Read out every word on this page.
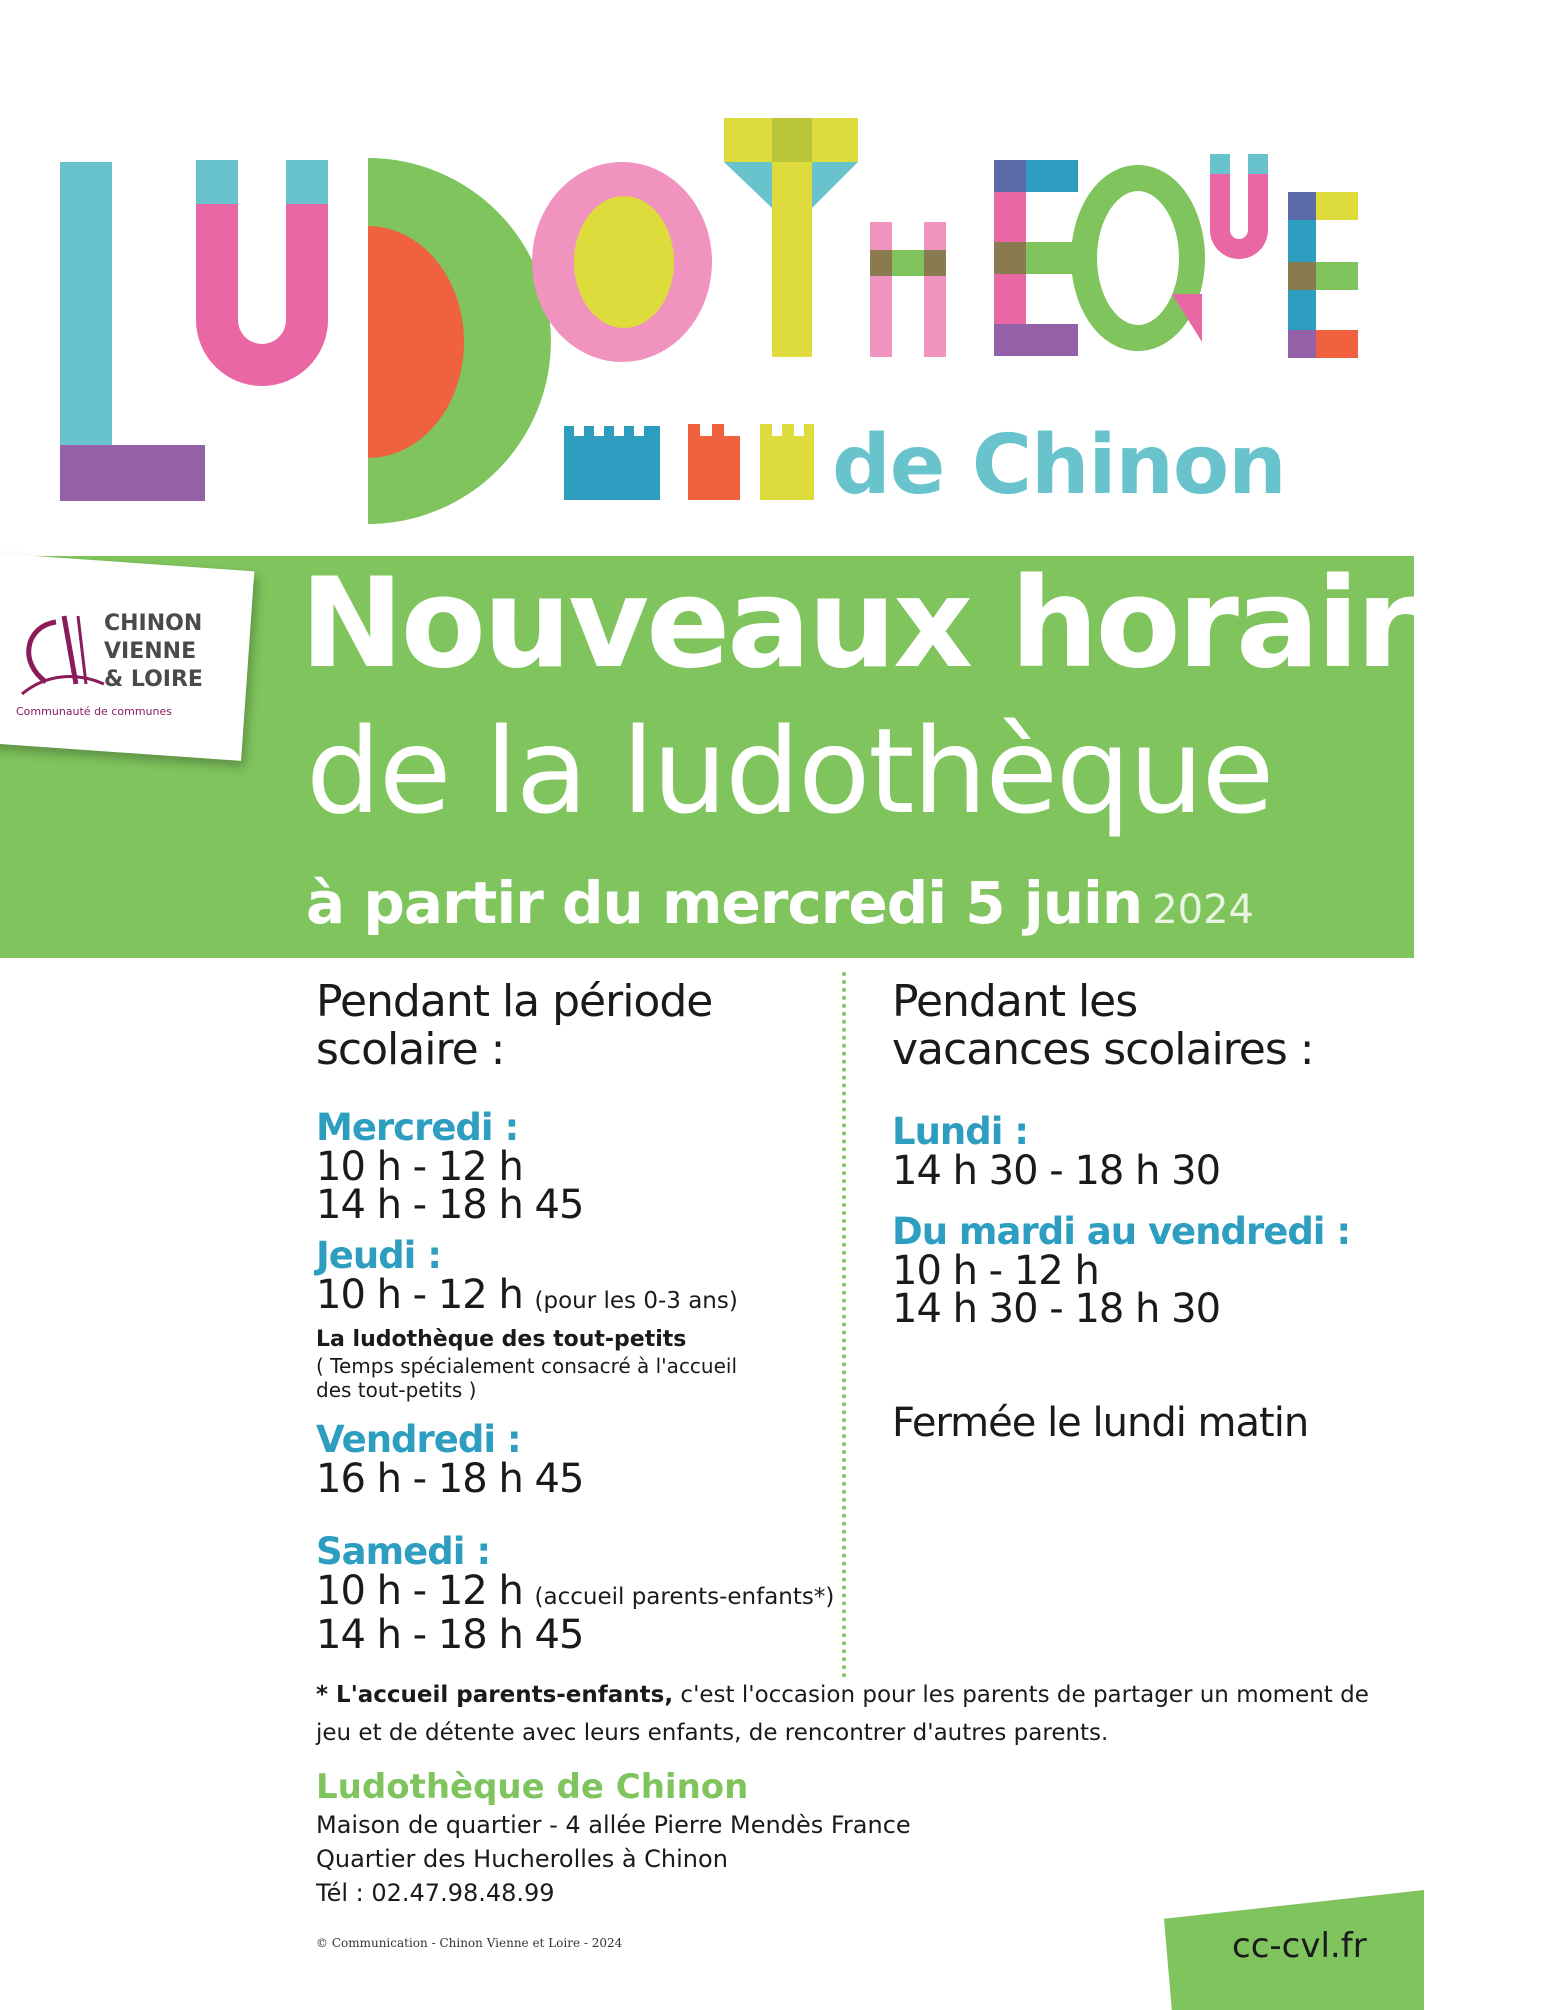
de Chinon
Nouveaux horaires
de la ludothèque
à partir du mercredi 5 juin 2024
CHINON
VIENNE
& LOIRE
Communauté de communes
Pendant la période
scolaire :
Mercredi :
10 h - 12 h
14 h - 18 h 45
Jeudi :
10 h - 12 h (pour les 0-3 ans)
La ludothèque des tout-petits
( Temps spécialement consacré à l'accueil
des tout-petits )
Vendredi :
16 h - 18 h 45
Samedi :
10 h - 12 h (accueil parents-enfants*)
14 h - 18 h 45
Pendant les
vacances scolaires :
Lundi :
14 h 30 - 18 h 30
Du mardi au vendredi :
10 h - 12 h
14 h 30 - 18 h 30
Fermée le lundi matin
* L'accueil parents-enfants, c'est l'occasion pour les parents de partager un moment de jeu et de détente avec leurs enfants, de rencontrer d'autres parents.
Ludothèque de Chinon
Maison de quartier - 4 allée Pierre Mendès France
Quartier des Hucherolles à Chinon
Tél : 02.47.98.48.99
© Communication - Chinon Vienne et Loire - 2024	cc-cvl.fr
